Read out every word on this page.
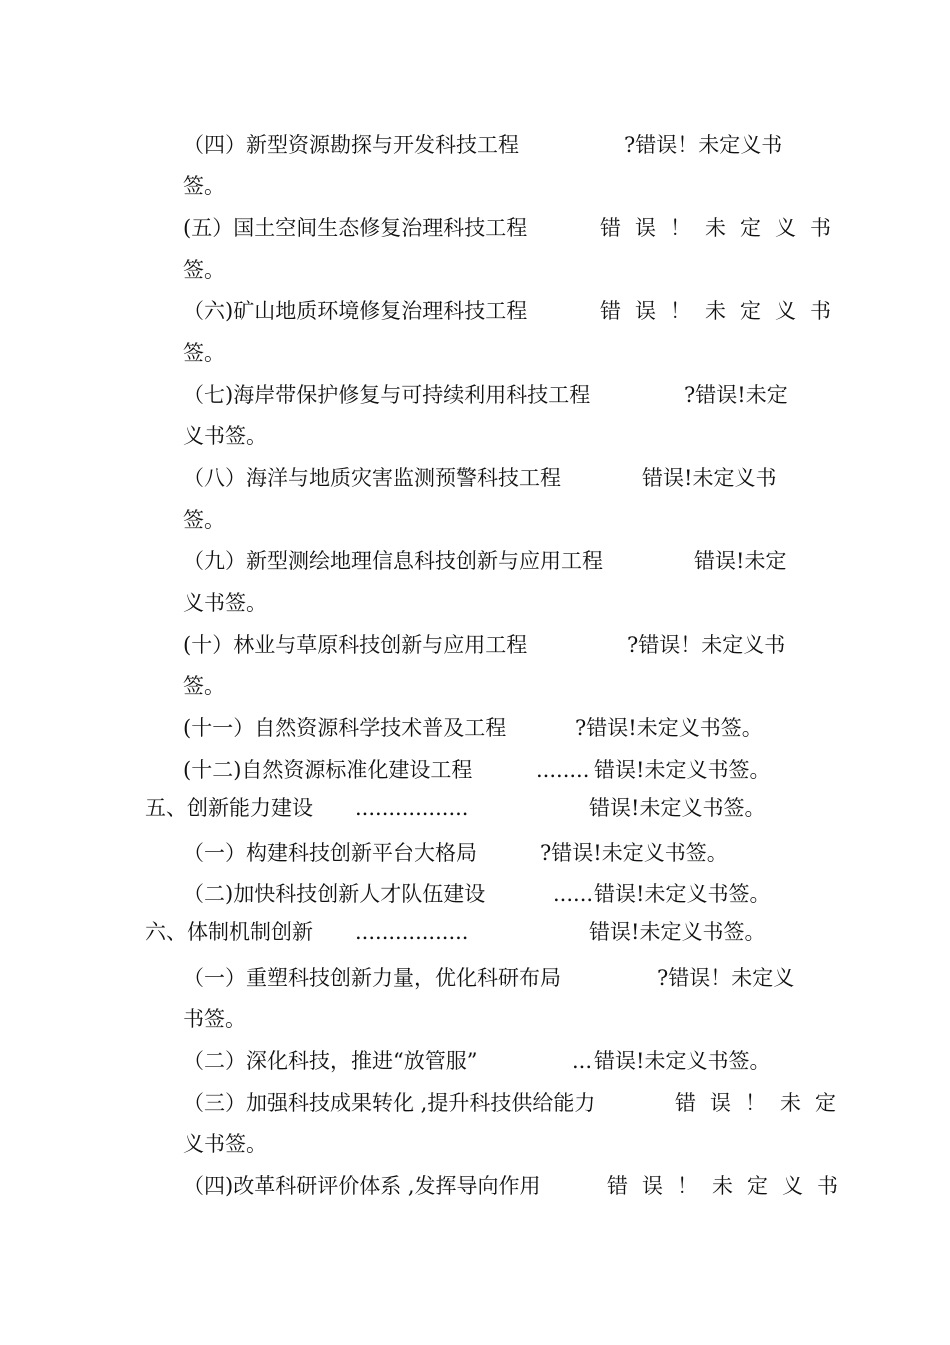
（四）新型资源勘探与开发科技工程	?错误！未定义书
签。
(五）国土空间生态修复治理科技工程	错误！未定义书
签。
（六)矿山地质环境修复治理科技工程	错误！未定义书
签。
（七)海岸带保护修复与可持续利用科技工程	?错误!未定
义书签。
（八）海洋与地质灾害监测预警科技工程	错误!未定义书
签。
（九）新型测绘地理信息科技创新与应用工程	错误!未定
义书签。
(十）林业与草原科技创新与应用工程	?错误！未定义书
签。
(十一）自然资源科学技术普及工程	?错误!未定义书签。
(十二)自然资源标准化建设工程	........ 错误!未定义书签。
五、创新能力建设 .................	错误!未定义书签。
（一）构建科技创新平台大格局	?错误!未定义书签。
（二)加快科技创新人才队伍建设	...... 错误!未定义书签。
六、体制机制创新 .................	错误!未定义书签。
（一）重塑科技创新力量，优化科研布局	?错误！未定义
书签。
（二）深化科技，推进“放管服”	... 错误!未定义书签。
（三）加强科技成果转化 ,提升科技供给能力	错误！未定
义书签。
（四)改革科研评价体系 ,发挥导向作用	错误！未定义书
